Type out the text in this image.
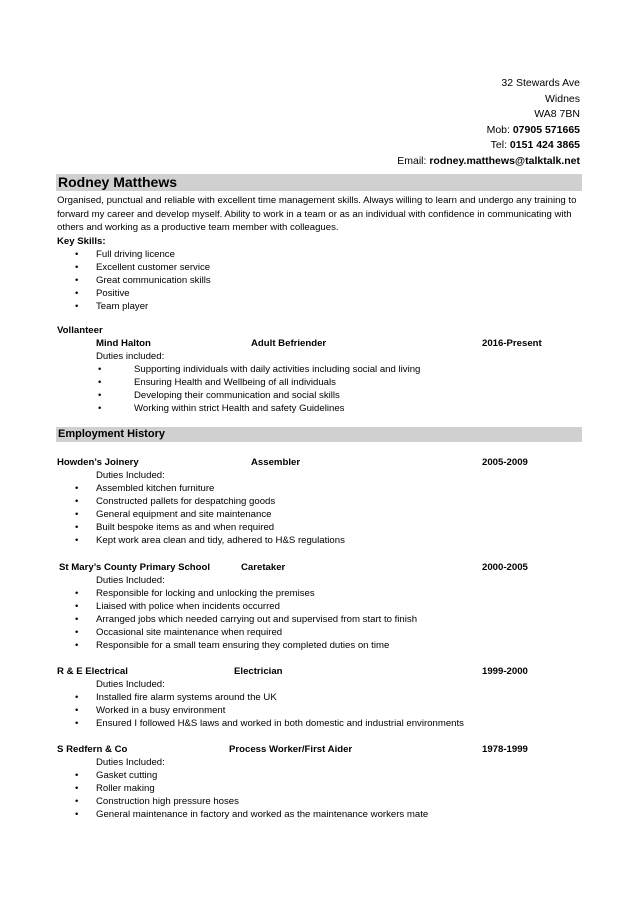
32 Stewards Ave
Widnes
WA8 7BN
Mob: 07905 571665
Tel: 0151 424 3865
Email: rodney.matthews@talktalk.net
Rodney Matthews
Organised, punctual and reliable with excellent time management skills. Always willing to learn and undergo any training to forward my career and develop myself. Ability to work in a team or as an individual with confidence in communicating with others and working as a productive team member with colleagues.
Key Skills:
• Full driving licence
• Excellent customer service
• Great communication skills
• Positive
• Team player
Vollanteer
Mind Halton	Adult Befriender	2016-Present
Duties included:
• Supporting individuals with daily activities including social and living
• Ensuring Health and Wellbeing of all individuals
• Developing their communication and social skills
• Working within strict Health and safety Guidelines
Employment History
Howden’s Joinery	Assembler	2005-2009
Duties Included:
• Assembled kitchen furniture
• Constructed pallets for despatching goods
• General equipment and site maintenance
• Built bespoke items as and when required
• Kept work area clean and tidy, adhered to H&S regulations
St Mary’s County Primary School	Caretaker	2000-2005
Duties Included:
• Responsible for locking and unlocking the premises
• Liaised with police when incidents occurred
• Arranged jobs which needed carrying out and supervised from start to finish
• Occasional site maintenance when required
• Responsible for a small team ensuring they completed duties on time
R & E Electrical	Electrician	1999-2000
Duties Included:
• Installed fire alarm systems around the UK
• Worked in a busy environment
• Ensured I followed H&S laws and worked in both domestic and industrial environments
S Redfern & Co	Process Worker/First Aider	1978-1999
Duties Included:
• Gasket cutting
• Roller making
• Construction high pressure hoses
• General maintenance in factory and worked as the maintenance workers mate
